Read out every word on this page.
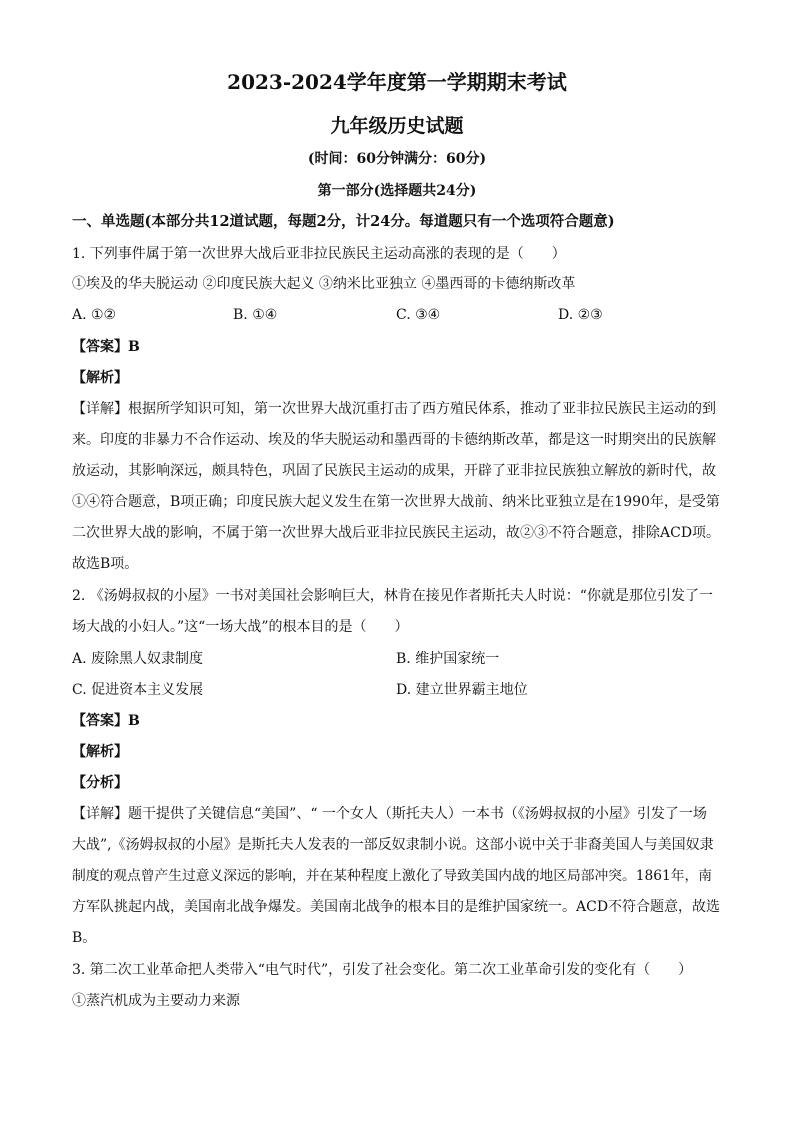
2023-2024学年度第一学期期末考试
九年级历史试题
(时间：60分钟满分：60分)
第一部分(选择题共24分)
一、单选题(本部分共12道试题，每题2分，计24分。每道题只有一个选项符合题意)
1. 下列事件属于第一次世界大战后亚非拉民族民主运动高涨的表现的是（　　）
①埃及的华夫脱运动 ②印度民族大起义 ③纳米比亚独立 ④墨西哥的卡德纳斯改革
A. ①②	B. ①④	C. ③④	D. ②③
【答案】B
【解析】
【详解】根据所学知识可知，第一次世界大战沉重打击了西方殖民体系，推动了亚非拉民族民主运动的到
来。印度的非暴力不合作运动、埃及的华夫脱运动和墨西哥的卡德纳斯改革，都是这一时期突出的民族解
放运动，其影响深远，颇具特色，巩固了民族民主运动的成果，开辟了亚非拉民族独立解放的新时代，故
①④符合题意，B项正确；印度民族大起义发生在第一次世界大战前、纳米比亚独立是在1990年，是受第
二次世界大战的影响，不属于第一次世界大战后亚非拉民族民主运动，故②③不符合题意，排除ACD项。
故选B项。
2. 《汤姆叔叔的小屋》一书对美国社会影响巨大，林肯在接见作者斯托夫人时说：“你就是那位引发了一
场大战的小妇人。”这“一场大战”的根本目的是（　　）
A. 废除黑人奴隶制度	B. 维护国家统一
C. 促进资本主义发展	D. 建立世界霸主地位
【答案】B
【解析】
【分析】
【详解】题干提供了关键信息“美国”、“ 一个女人（斯托夫人）一本书（《汤姆叔叔的小屋》引发了一场
大战”,《汤姆叔叔的小屋》是斯托夫人发表的一部反奴隶制小说。这部小说中关于非裔美国人与美国奴隶
制度的观点曾产生过意义深远的影响，并在某种程度上激化了导致美国内战的地区局部冲突。1861年，南
方军队挑起内战，美国南北战争爆发。美国南北战争的根本目的是维护国家统一。ACD不符合题意，故选
B。
3. 第二次工业革命把人类带入“电气时代”，引发了社会变化。第二次工业革命引发的变化有（　　）
①蒸汽机成为主要动力来源
